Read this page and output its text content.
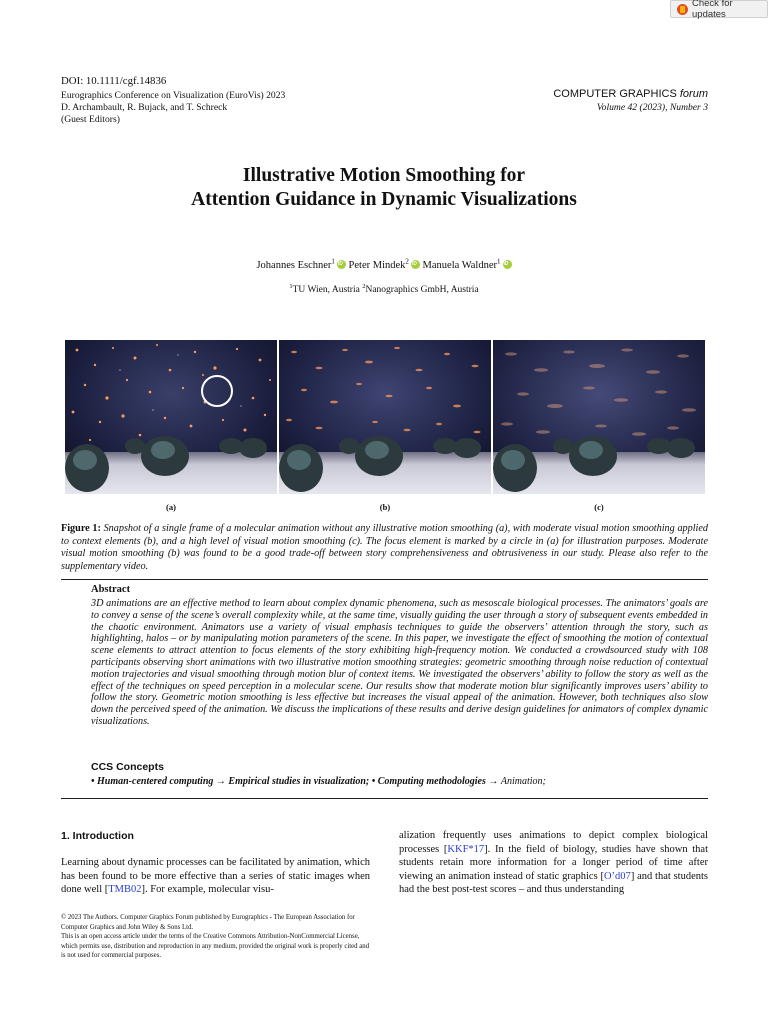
Check for updates
DOI: 10.1111/cgf.14836
Eurographics Conference on Visualization (EuroVis) 2023
D. Archambault, R. Bujack, and T. Schreck
(Guest Editors)
COMPUTER GRAPHICS forum
Volume 42 (2023), Number 3
Illustrative Motion Smoothing for
Attention Guidance in Dynamic Visualizations
Johannes Eschner$^1$ iD Peter Mindek$^2$ iD Manuela Waldner$^1$iD
$^1$TU Wien, Austria $^2$Nanographics GmbH, Austria
(a)	(b)	(c)
Figure 1: Snapshot of a single frame of a molecular animation without any illustrative motion smoothing (a), with moderate visual motion smoothing applied to context elements (b), and a high level of visual motion smoothing (c). The focus element is marked by a circle in (a) for illustration purposes. Moderate visual motion smoothing (b) was found to be a good trade-off between story comprehensiveness and obtrusiveness in our study. Please also refer to the supplementary video.
Abstract
3D animations are an effective method to learn about complex dynamic phenomena, such as mesoscale biological processes. The animators’ goals are to convey a sense of the scene’s overall complexity while, at the same time, visually guiding the user through a story of subsequent events embedded in the chaotic environment. Animators use a variety of visual emphasis techniques to guide the observers’ attention through the story, such as highlighting, halos – or by manipulating motion parameters of the scene. In this paper, we investigate the effect of smoothing the motion of contextual scene elements to attract attention to focus elements of the story exhibiting high-frequency motion. We conducted a crowdsourced study with 108 participants observing short animations with two illustrative motion smoothing strategies: geometric smoothing through noise reduction of contextual motion trajectories and visual smoothing through motion blur of context items. We investigated the observers’ ability to follow the story as well as the effect of the techniques on speed perception in a molecular scene. Our results show that moderate motion blur significantly improves users’ ability to follow the story. Geometric motion smoothing is less effective but increases the visual appeal of the animation. However, both techniques also slow down the perceived speed of the animation. We discuss the implications of these results and derive design guidelines for animators of complex dynamic visualizations.
CCS Concepts
• Human-centered computing → Empirical studies in visualization; • Computing methodologies → Animation;
1. Introduction
Learning about dynamic processes can be facilitated by animation, which has been found to be more effective than a series of static images when done well [TMB02]. For example, molecular visu-
alization frequently uses animations to depict complex biological processes [KKF*17]. In the field of biology, studies have shown that students retain more information for a longer period of time after viewing an animation instead of static graphics [O’d07] and that students had the best post-test scores – and thus understanding
© 2023 The Authors. Computer Graphics Forum published by Eurographics - The European Association for Computer Graphics and John Wiley & Sons Ltd.
This is an open access article under the terms of the Creative Commons Attribution-NonCommercial License, which permits use, distribution and reproduction in any medium, provided the original work is properly cited and is not used for commercial purposes.
